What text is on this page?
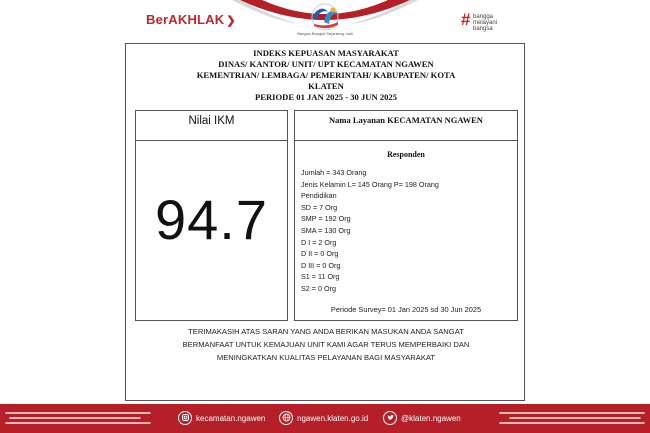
BerAKHLAK ❯
Bangsa Bangkit Sejanteng Jadi
# bangga
melayani
bangsa
INDEKS KEPUASAN MASYARAKAT
DINAS/ KANTOR/ UNIT/ UPT KECAMATAN NGAWEN
KEMENTRIAN/ LEMBAGA/ PEMERINTAH/ KABUPATEN/ KOTA
KLATEN
PERIODE 01 JAN 2025 - 30 JUN 2025
Nilai IKM
94.7
Nama Layanan KECAMATAN NGAWEN
Responden
Jumlah = 343 Orang
Jenis Kelamin L= 145 Orang P= 198 Orang
Pendidikan
SD = 7 Org
SMP = 192 Org
SMA = 130 Org
D I = 2 Org
D II = 0 Org
D III = 0 Org
S1 = 11 Org
S2 = 0 Org
Periode Survey= 01 Jan 2025 sd 30 Jun 2025
TERIMAKASIH ATAS SARAN YANG ANDA BERIKAN MASUKAN ANDA SANGAT
BERMANFAAT UNTUK KEMAJUAN UNIT KAMI AGAR TERUS MEMPERBAIKI DAN
MENINGKATKAN KUALITAS PELAYANAN BAGI MASYARAKAT
kecamatan.ngawen	ngawen.klaten.go.id	@klaten.ngawen
